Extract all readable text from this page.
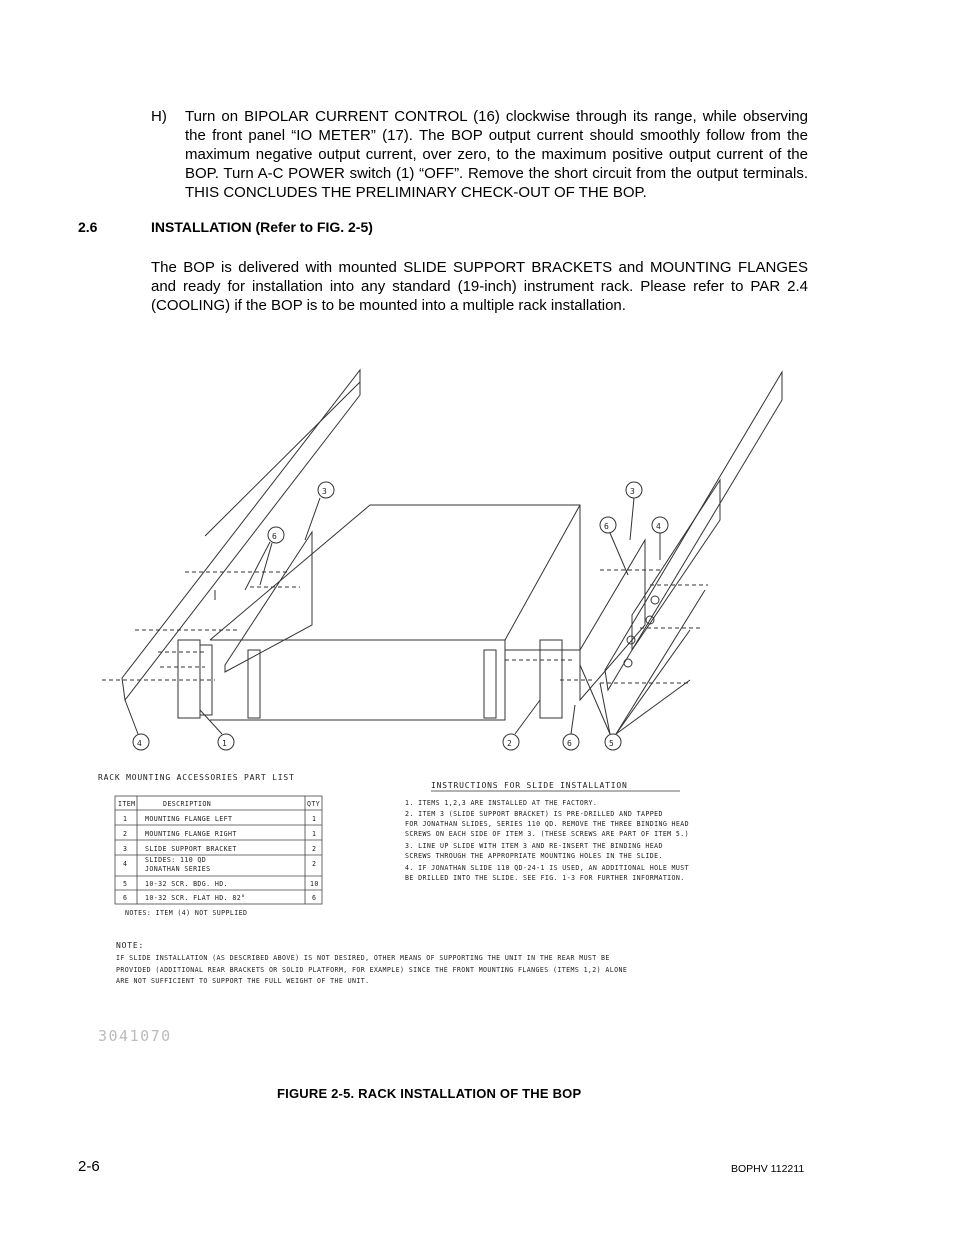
H) Turn on BIPOLAR CURRENT CONTROL (16) clockwise through its range, while observing the front panel “IO METER” (17). The BOP output current should smoothly follow from the maximum negative output current, over zero, to the maximum positive output current of the BOP. Turn A-C POWER switch (1) “OFF”. Remove the short circuit from the output terminals. THIS CONCLUDES THE PRELIMINARY CHECK-OUT OF THE BOP.
2.6	INSTALLATION (Refer to FIG. 2-5)
The BOP is delivered with mounted SLIDE SUPPORT BRACKETS and MOUNTING FLANGES and ready for installation into any standard (19-inch) instrument rack. Please refer to PAR 2.4 (COOLING) if the BOP is to be mounted into a multiple rack installation.
3
6
4	1
3
6	4
2	6	5
RACK MOUNTING ACCESSORIES PART LIST
ITEM	DESCRIPTION	QTY
1	MOUNTING FLANGE LEFT	1
2	MOUNTING FLANGE RIGHT	1
3	SLIDE SUPPORT BRACKET	2
4	SLIDES: 110 QD	2
JONATHAN SERIES
5	10-32 SCR. BDG. HD.	10
6	10-32 SCR. FLAT HD. 82°	6
NOTES: ITEM (4) NOT SUPPLIED
INSTRUCTIONS FOR SLIDE INSTALLATION
1. ITEMS 1,2,3 ARE INSTALLED AT THE FACTORY.
2. ITEM 3 (SLIDE SUPPORT BRACKET) IS PRE-DRILLED AND TAPPED
FOR JONATHAN SLIDES, SERIES 110 QD. REMOVE THE THREE BINDING HEAD
SCREWS ON EACH SIDE OF ITEM 3. (THESE SCREWS ARE PART OF ITEM 5.)
3. LINE UP SLIDE WITH ITEM 3 AND RE-INSERT THE BINDING HEAD
SCREWS THROUGH THE APPROPRIATE MOUNTING HOLES IN THE SLIDE.
4. IF JONATHAN SLIDE 110 QD-24-1 IS USED, AN ADDITIONAL HOLE MUST
BE DRILLED INTO THE SLIDE. SEE FIG. 1-3 FOR FURTHER INFORMATION.
NOTE:
IF SLIDE INSTALLATION (AS DESCRIBED ABOVE) IS NOT DESIRED, OTHER MEANS OF SUPPORTING THE UNIT IN THE REAR MUST BE
PROVIDED (ADDITIONAL REAR BRACKETS OR SOLID PLATFORM, FOR EXAMPLE) SINCE THE FRONT MOUNTING FLANGES (ITEMS 1,2) ALONE
ARE NOT SUFFICIENT TO SUPPORT THE FULL WEIGHT OF THE UNIT.
3041070
FIGURE 2-5. RACK INSTALLATION OF THE BOP
2-6	BOPHV 112211
